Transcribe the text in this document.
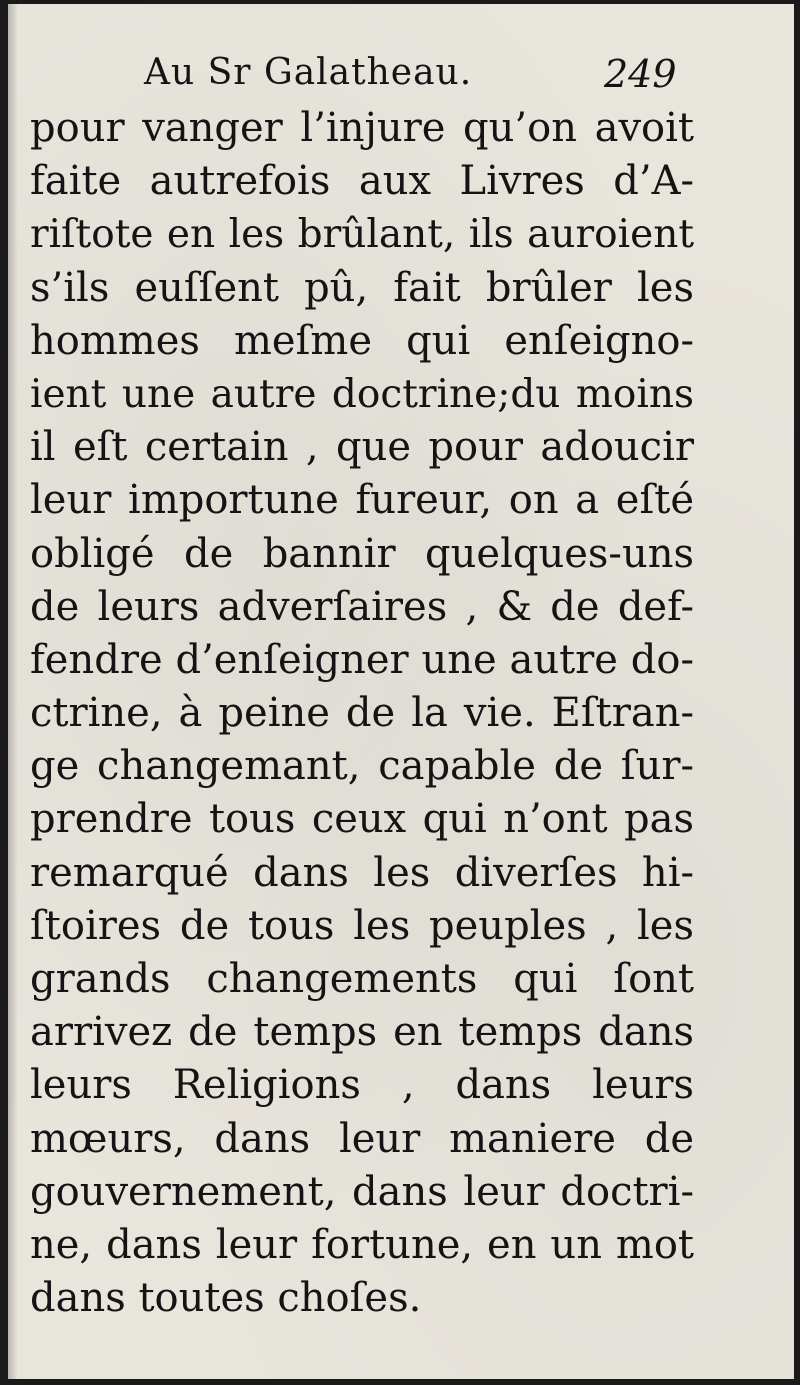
Au Sr Galatheau.	249
pour vanger l’injure qu’on avoit
faite autrefois aux Livres d’A-
riſtote en les brûlant, ils auroient
s’ils euſſent pû, fait brûler les
hommes meſme qui enſeigno-
ient une autre doctrine;du moins
il eſt certain , que pour adoucir
leur importune fureur, on a eſté
obligé de bannir quelques-uns
de leurs adverſaires , & de def-
fendre d’enſeigner une autre do-
ctrine, à peine de la vie. Eſtran-
ge changemant, capable de ſur-
prendre tous ceux qui n’ont pas
remarqué dans les diverſes hi-
ſtoires de tous les peuples , les
grands changements qui ſont
arrivez de temps en temps dans
leurs Religions , dans leurs
mœurs, dans leur maniere de
gouvernement, dans leur doctri-
ne, dans leur fortune, en un mot
dans toutes choſes.
